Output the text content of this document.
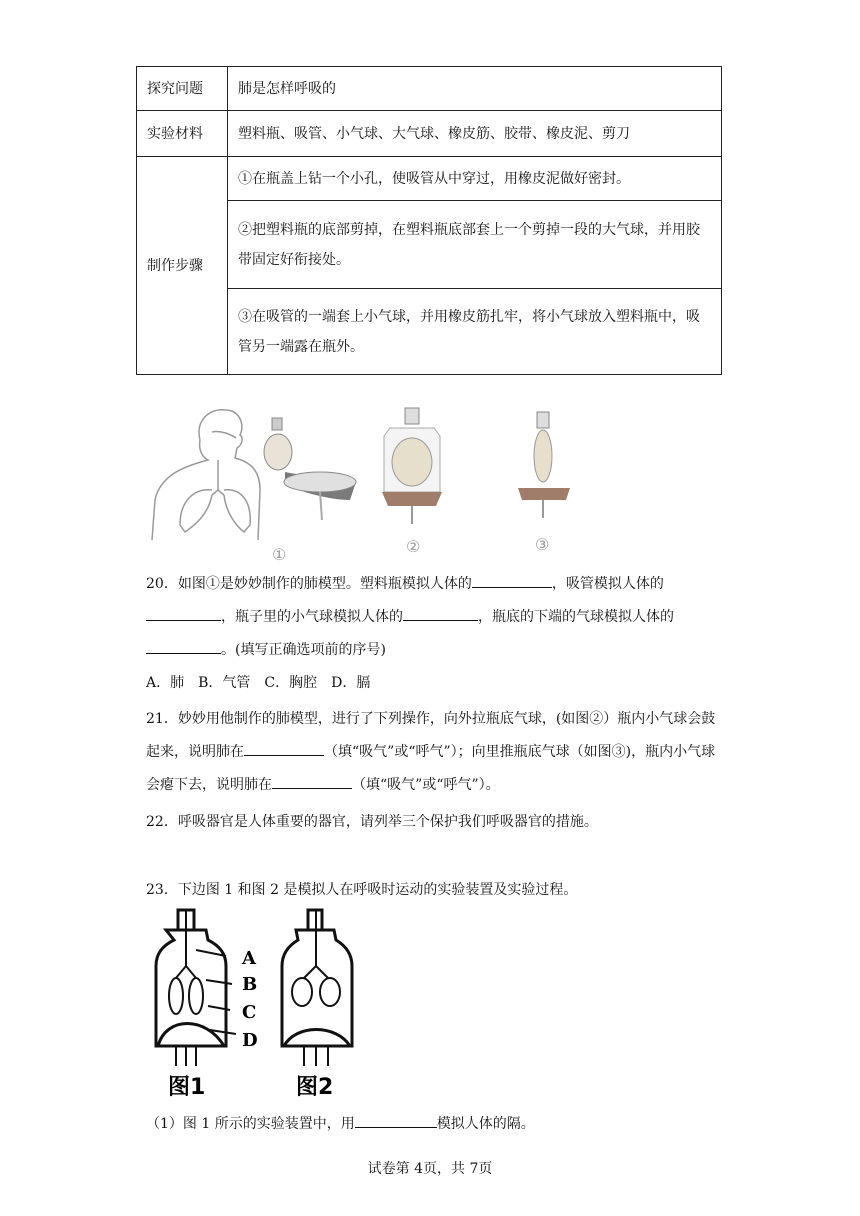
探究问题	肺是怎样呼吸的
实验材料	塑料瓶、吸管、小气球、大气球、橡皮筋、胶带、橡皮泥、剪刀
制作步骤	①在瓶盖上钻一个小孔，使吸管从中穿过，用橡皮泥做好密封。
	②把塑料瓶的底部剪掉，在塑料瓶底部套上一个剪掉一段的大气球，并用胶带固定好衔接处。
	③在吸管的一端套上小气球，并用橡皮筋扎牢，将小气球放入塑料瓶中，吸管另一端露在瓶外。
①	②	③
20．如图①是妙妙制作的肺模型。塑料瓶模拟人体的	，吸管模拟人体的
，瓶子里的小气球模拟人体的	，瓶底的下端的气球模拟人体的
。(填写正确选项前的序号)
A．肺　B．气管　C．胸腔　D．膈
21．妙妙用他制作的肺模型，进行了下列操作，向外拉瓶底气球，(如图②）瓶内小气球会鼓起来，说明肺在	（填“吸气”或“呼气”）；向里推瓶底气球（如图③)，瓶内小气球会瘪下去，说明肺在	（填“吸气”或“呼气”）。
22．呼吸器官是人体重要的器官，请列举三个保护我们呼吸器官的措施。
23．下边图 1 和图 2 是模拟人在呼吸时运动的实验装置及实验过程。
A
B
C
D
图1	图2
（1）图 1 所示的实验装置中，用	模拟人体的隔。
试卷第 4页，共 7页
